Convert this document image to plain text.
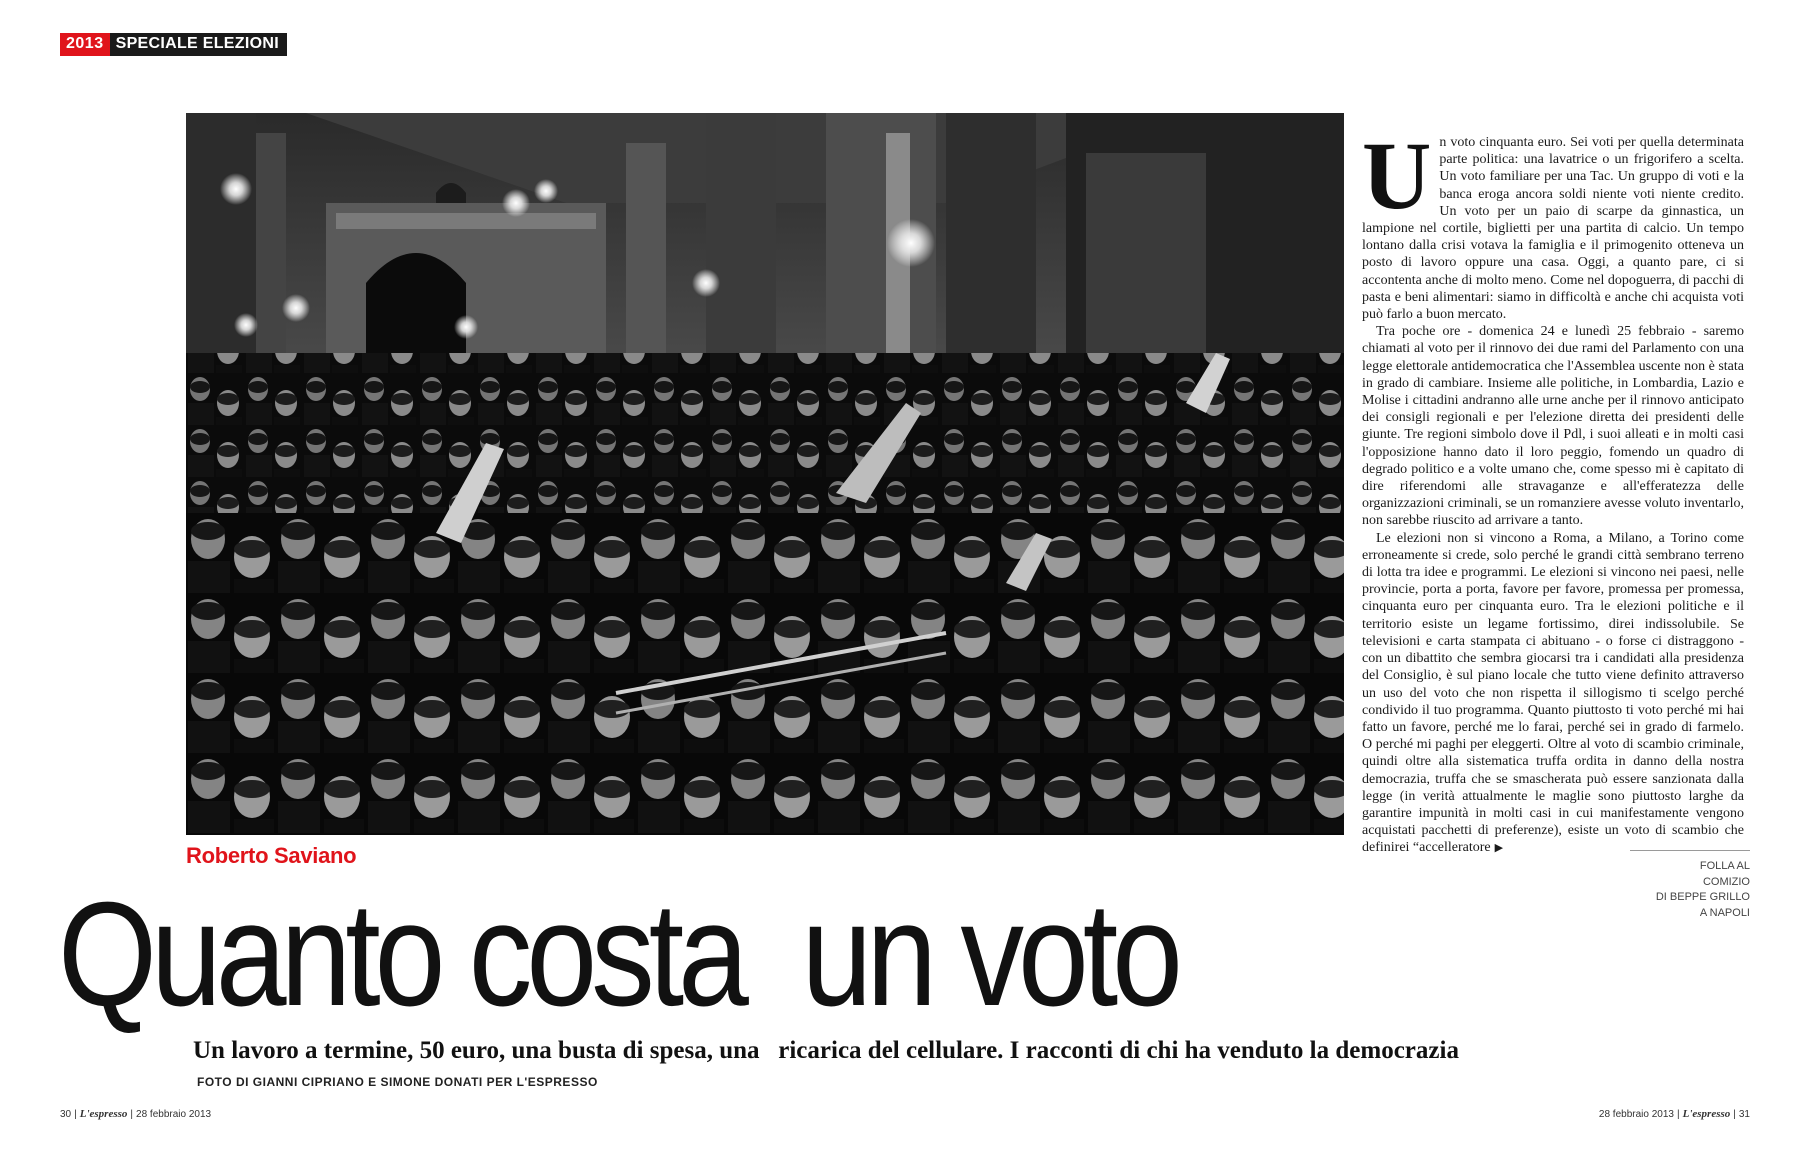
2013 SPECIALE ELEZIONI
U n voto cinquanta euro. Sei voti per quella determinata parte politica: una lavatrice o un frigorifero a scelta. Un voto familiare per una Tac. Un gruppo di voti e la banca eroga ancora soldi niente voti niente credito. Un voto per un paio di scarpe da ginnastica, un lampione nel cortile, biglietti per una partita di calcio. Un tempo lontano dalla crisi votava la famiglia e il primogenito otteneva un posto di lavoro oppure una casa. Oggi, a quanto pare, ci si accontenta anche di molto meno. Come nel dopoguerra, di pacchi di pasta e beni alimentari: siamo in difficoltà e anche chi acquista voti può farlo a buon mercato.

Tra poche ore - domenica 24 e lunedì 25 febbraio - saremo chiamati al voto per il rinnovo dei due rami del Parlamento con una legge elettorale antidemocratica che l'Assemblea uscente non è stata in grado di cambiare. Insieme alle politiche, in Lombardia, Lazio e Molise i cittadini andranno alle urne anche per il rinnovo anticipato dei consigli regionali e per l'elezione diretta dei presidenti delle giunte. Tre regioni simbolo dove il Pdl, i suoi alleati e in molti casi l'opposizione hanno dato il loro peggio, fomendo un quadro di degrado politico e a volte umano che, come spesso mi è capitato di dire riferendomi alle stravaganze e all'efferatezza delle organizzazioni criminali, se un romanziere avesse voluto inventarlo, non sarebbe riuscito ad arrivare a tanto.

Le elezioni non si vincono a Roma, a Milano, a Torino come erroneamente si crede, solo perché le grandi città sembrano terreno di lotta tra idee e programmi. Le elezioni si vincono nei paesi, nelle provincie, porta a porta, favore per favore, promessa per promessa, cinquanta euro per cinquanta euro. Tra le elezioni politiche e il territorio esiste un legame fortissimo, direi indissolubile. Se televisioni e carta stampata ci abituano - o forse ci distraggono - con un dibattito che sembra giocarsi tra i candidati alla presidenza del Consiglio, è sul piano locale che tutto viene definito attraverso un uso del voto che non rispetta il sillogismo ti scelgo perché condivido il tuo programma. Quanto piuttosto ti voto perché mi hai fatto un favore, perché me lo farai, perché sei in grado di farmelo. O perché mi paghi per eleggerti. Oltre al voto di scambio criminale, quindi oltre alla sistematica truffa ordita in danno della nostra democrazia, truffa che se smascherata può essere sanzionata dalla legge (in verità attualmente le maglie sono piuttosto larghe da garantire impunità in molti casi in cui manifestamente vengono acquistati pacchetti di preferenze), esiste un voto di scambio che definirei “accelleratore ▶

FOLLA AL
COMIZIO
DI BEPPE GRILLO
A NAPOLI
Roberto Saviano
Quanto costa  un voto
Un lavoro a termine, 50 euro, una busta di spesa, una   ricarica del cellulare. I racconti di chi ha venduto la democrazia
FOTO DI GIANNI CIPRIANO E SIMONE DONATI PER L'ESPRESSO
30 | L'espresso | 28 febbraio 2013	28 febbraio 2013 | L'espresso | 31
